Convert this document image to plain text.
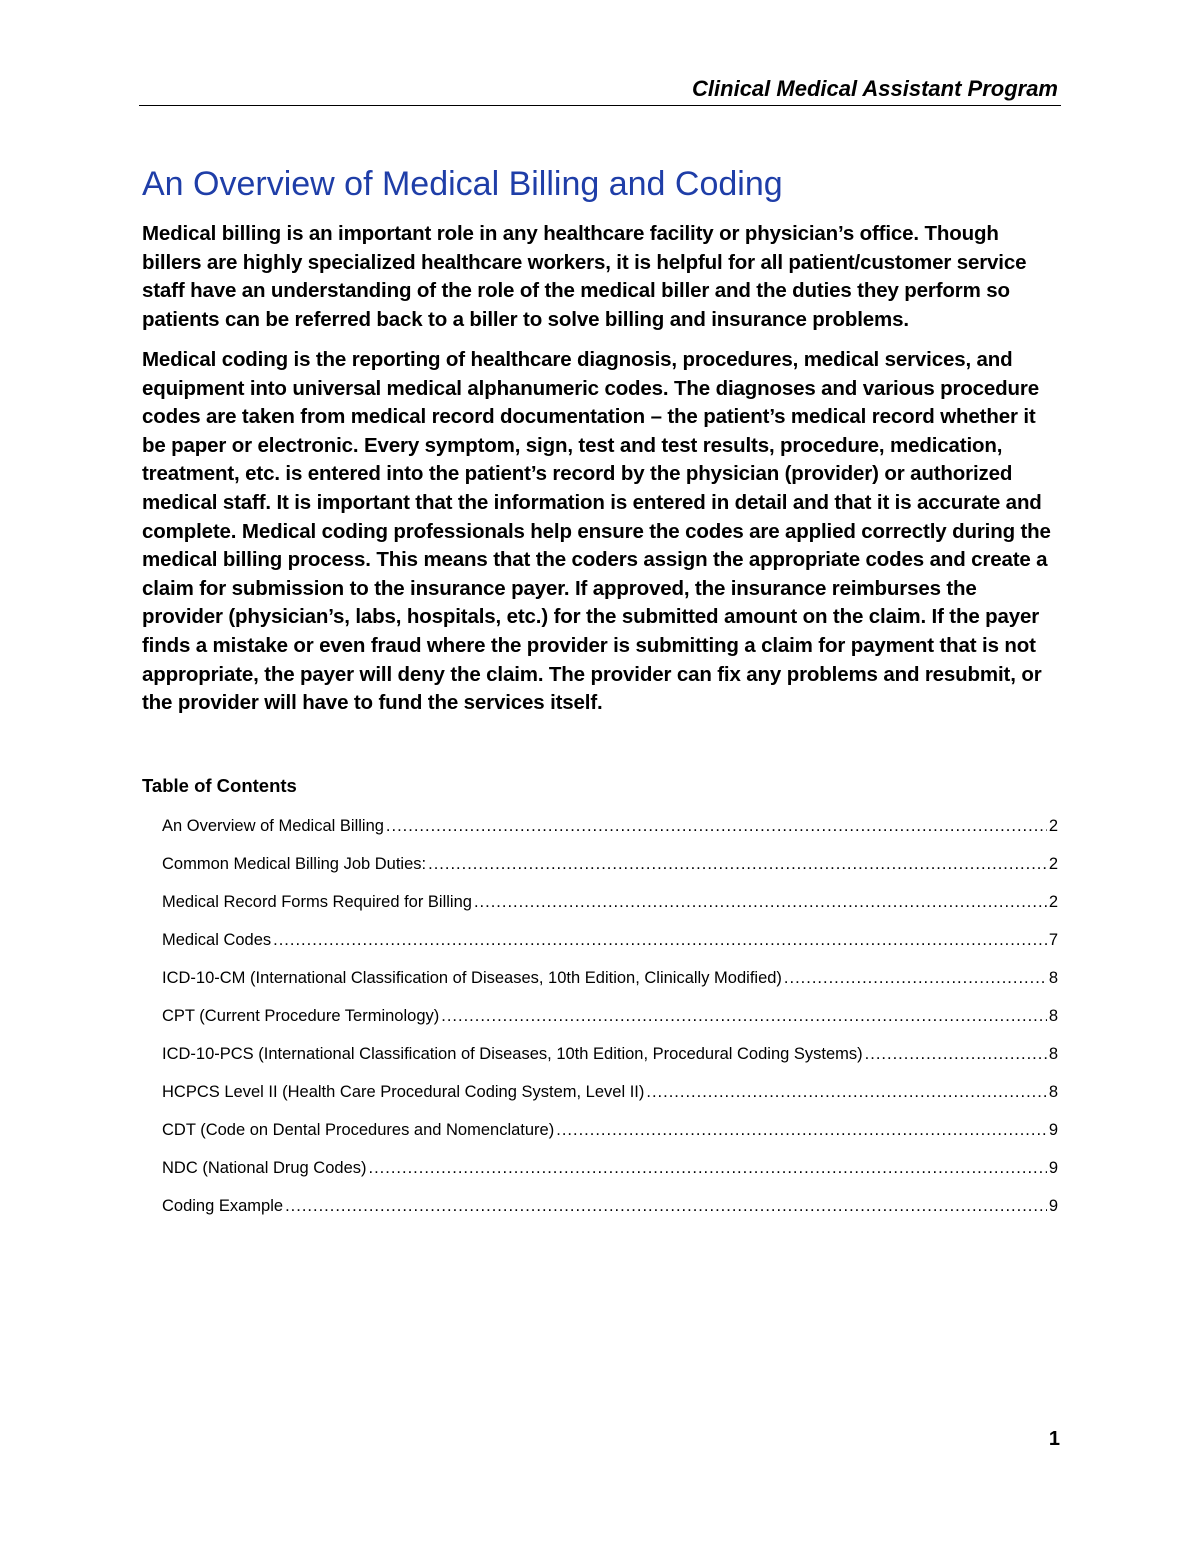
Clinical Medical Assistant Program
An Overview of Medical Billing and Coding

Medical billing is an important role in any healthcare facility or physician’s office. Though billers are highly specialized healthcare workers, it is helpful for all patient/customer service staff have an understanding of the role of the medical biller and the duties they perform so patients can be referred back to a biller to solve billing and insurance problems.

Medical coding is the reporting of healthcare diagnosis, procedures, medical services, and equipment into universal medical alphanumeric codes. The diagnoses and various procedure codes are taken from medical record documentation – the patient’s medical record whether it be paper or electronic. Every symptom, sign, test and test results, procedure, medication, treatment, etc. is entered into the patient’s record by the physician (provider) or authorized medical staff. It is important that the information is entered in detail and that it is accurate and complete. Medical coding professionals help ensure the codes are applied correctly during the medical billing process. This means that the coders assign the appropriate codes and create a claim for submission to the insurance payer. If approved, the insurance reimburses the provider (physician’s, labs, hospitals, etc.) for the submitted amount on the claim. If the payer finds a mistake or even fraud where the provider is submitting a claim for payment that is not appropriate, the payer will deny the claim. The provider can fix any problems and resubmit, or the provider will have to fund the services itself.

Table of Contents
An Overview of Medical Billing .....	2
Common Medical Billing Job Duties: .....	2
Medical Record Forms Required for Billing .....	2
Medical Codes .....	7
ICD-10-CM (International Classification of Diseases, 10th Edition, Clinically Modified) .....	8
CPT (Current Procedure Terminology) .....	8
ICD-10-PCS (International Classification of Diseases, 10th Edition, Procedural Coding Systems) .....	8
HCPCS Level II (Health Care Procedural Coding System, Level II) .....	8
CDT (Code on Dental Procedures and Nomenclature) .....	9
NDC (National Drug Codes) .....	9
Coding Example .....	9
1
